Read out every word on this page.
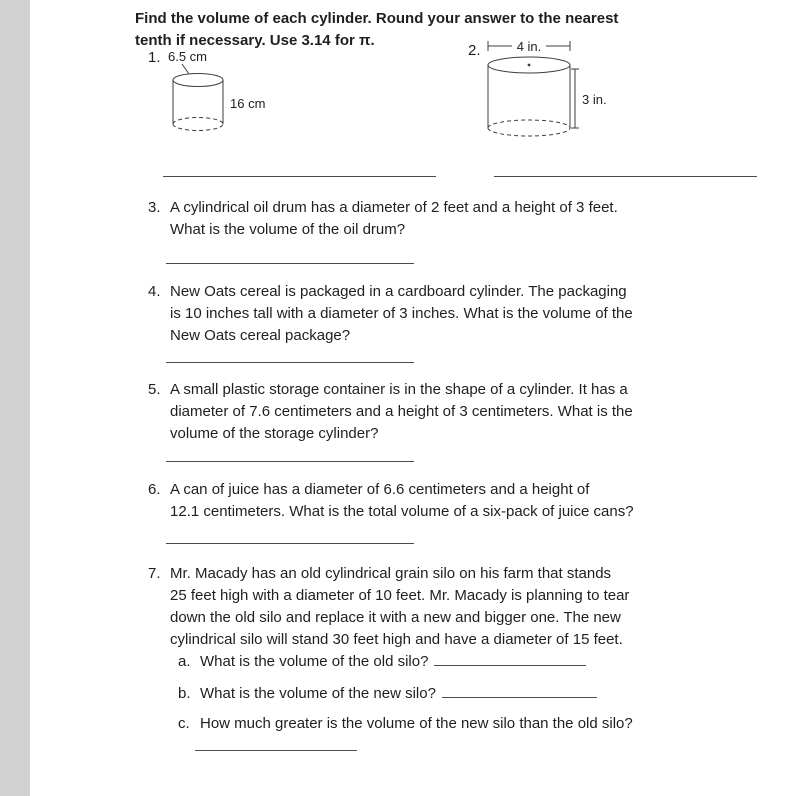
Find the volume of each cylinder. Round your answer to the nearest
tenth if necessary. Use 3.14 for π.
1. 6.5 cm
16 cm
2.	4 in.
3 in.
3. A cylindrical oil drum has a diameter of 2 feet and a height of 3 feet.
What is the volume of the oil drum?
4. New Oats cereal is packaged in a cardboard cylinder. The packaging
is 10 inches tall with a diameter of 3 inches. What is the volume of the
New Oats cereal package?
5. A small plastic storage container is in the shape of a cylinder. It has a
diameter of 7.6 centimeters and a height of 3 centimeters. What is the
volume of the storage cylinder?
6. A can of juice has a diameter of 6.6 centimeters and a height of
12.1 centimeters. What is the total volume of a six-pack of juice cans?
7. Mr. Macady has an old cylindrical grain silo on his farm that stands
25 feet high with a diameter of 10 feet. Mr. Macady is planning to tear
down the old silo and replace it with a new and bigger one. The new
cylindrical silo will stand 30 feet high and have a diameter of 15 feet.
a. What is the volume of the old silo?
b. What is the volume of the new silo?
c. How much greater is the volume of the new silo than the old silo?
